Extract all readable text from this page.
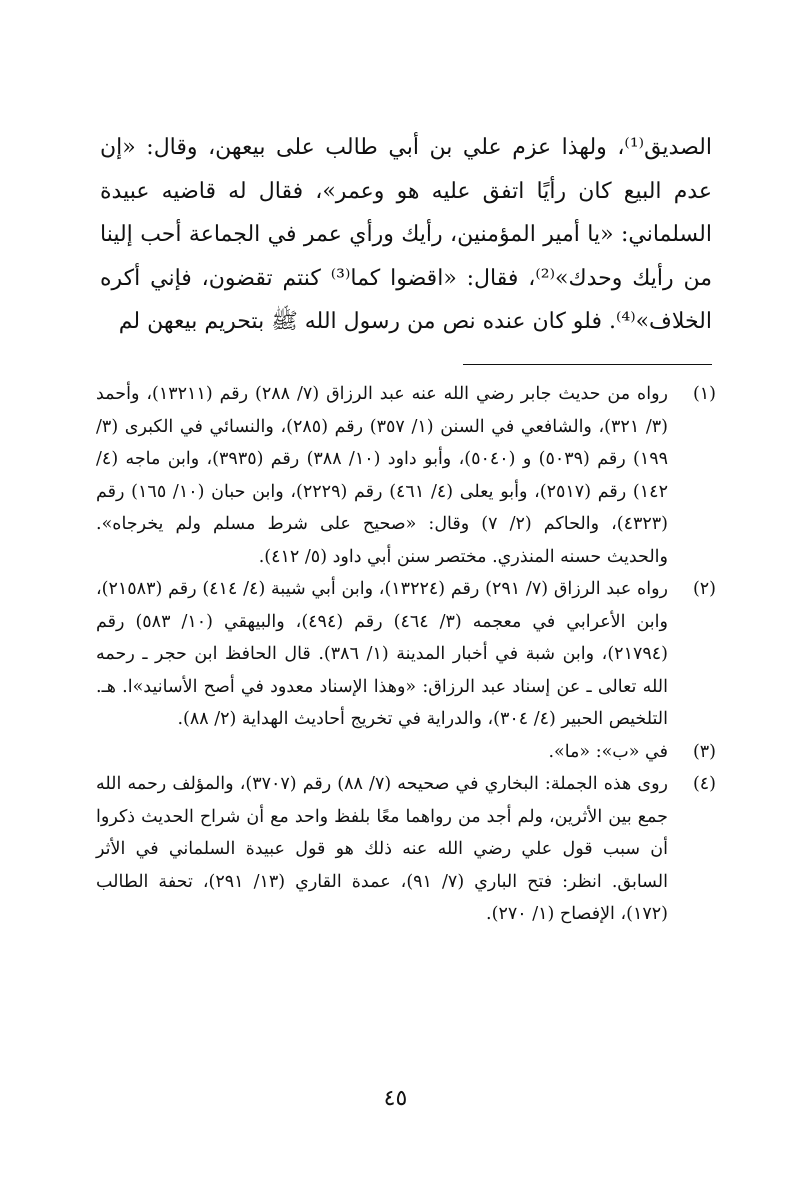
الصديق⁽¹⁾، ولهذا عزم علي بن أبي طالب على بيعهن، وقال: «إن عدم البيع كان رأيًا اتفق عليه هو وعمر»، فقال له قاضيه عبيدة السلماني: «يا أمير المؤمنين، رأيك ورأي عمر في الجماعة أحب إلينا من رأيك وحدك»⁽²⁾، فقال: «اقضوا كما⁽³⁾ كنتم تقضون، فإني أكره الخلاف»⁽⁴⁾. فلو كان عنده نص من رسول الله ﷺ بتحريم بيعهن لم

(١)
رواه من حديث جابر رضي الله عنه عبد الرزاق (٧/ ٢٨٨) رقم (١٣٢١١)، وأحمد (٣/ ٣٢١)، والشافعي في السنن (١/ ٣٥٧) رقم (٢٨٥)، والنسائي في الكبرى (٣/ ١٩٩) رقم (٥٠٣٩) و (٥٠٤٠)، وأبو داود (١٠/ ٣٨٨) رقم (٣٩٣٥)، وابن ماجه (٤/ ١٤٢) رقم (٢٥١٧)، وأبو يعلى (٤/ ٤٦١) رقم (٢٢٢٩)، وابن حبان (١٠/ ١٦٥) رقم (٤٣٢٣)، والحاكم (٢/ ٧) وقال: «صحيح على شرط مسلم ولم يخرجاه». والحديث حسنه المنذري. مختصر سنن أبي داود (٥/ ٤١٢).
(٢)
رواه عبد الرزاق (٧/ ٢٩١) رقم (١٣٢٢٤)، وابن أبي شيبة (٤/ ٤١٤) رقم (٢١٥٨٣)، وابن الأعرابي في معجمه (٣/ ٤٦٤) رقم (٤٩٤)، والبيهقي (١٠/ ٥٨٣) رقم (٢١٧٩٤)، وابن شبة في أخبار المدينة (١/ ٣٨٦). قال الحافظ ابن حجر ـ رحمه الله تعالى ـ عن إسناد عبد الرزاق: «وهذا الإسناد معدود في أصح الأسانيد»ا. هـ. التلخيص الحبير (٤/ ٣٠٤)، والدراية في تخريج أحاديث الهداية (٢/ ٨٨).
(٣)
في «ب»: «ما».
(٤)
روى هذه الجملة: البخاري في صحيحه (٧/ ٨٨) رقم (٣٧٠٧)، والمؤلف رحمه الله جمع بين الأثرين، ولم أجد من رواهما معًا بلفظ واحد مع أن شراح الحديث ذكروا أن سبب قول علي رضي الله عنه ذلك هو قول عبيدة السلماني في الأثر السابق. انظر: فتح الباري (٧/ ٩١)، عمدة القاري (١٣/ ٢٩١)، تحفة الطالب (١٧٢)، الإفصاح (١/ ٢٧٠).
٤٥
